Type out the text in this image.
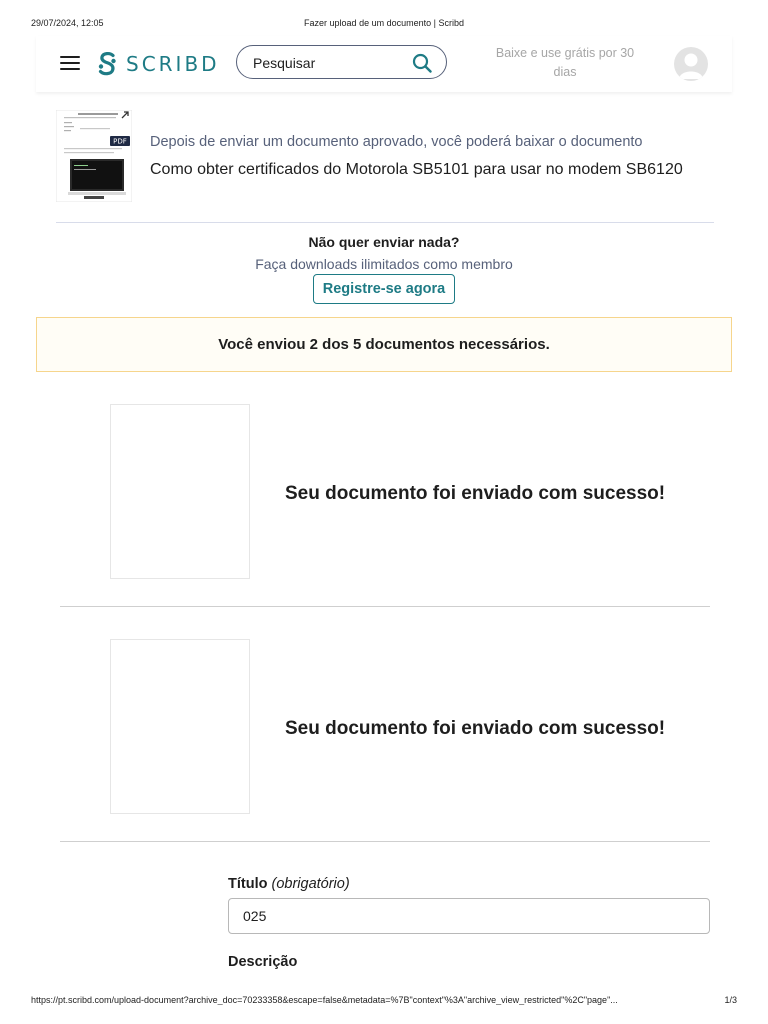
29/07/2024, 12:05	Fazer upload de um documento | Scribd
SCRIBD
Pesquisar	Baixe e use grátis por 30 dias
PDF Depois de enviar um documento aprovado, você poderá baixar o documento
Como obter certificados do Motorola SB5101 para usar no modem SB6120
Não quer enviar nada?
Faça downloads ilimitados como membro
Registre-se agora
Você enviou 2 dos 5 documentos necessários.
Seu documento foi enviado com sucesso!
Seu documento foi enviado com sucesso!
Título (obrigatório)
025
Descrição
https://pt.scribd.com/upload-document?archive_doc=70233358&escape=false&metadata=%7B"context"%3A"archive_view_restricted"%2C"page"...	1/3
